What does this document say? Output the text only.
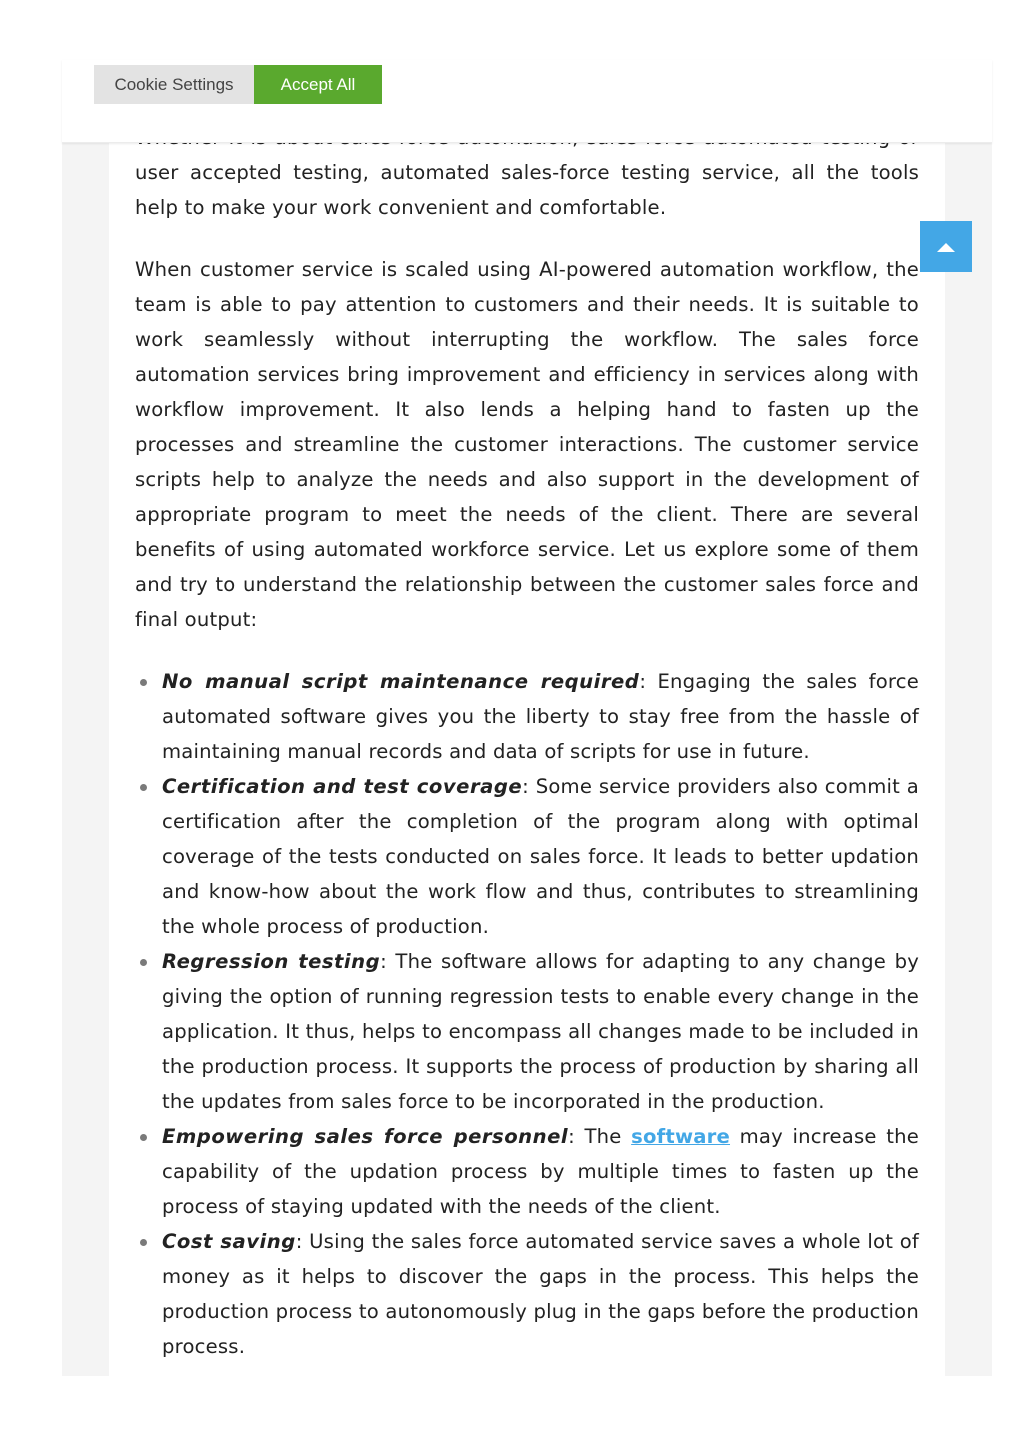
user accepted testing, automated sales-force testing service, all the tools help to make your work convenient and comfortable.

When customer service is scaled using AI-powered automation workflow, the team is able to pay attention to customers and their needs. It is suitable to work seamlessly without interrupting the workflow. The sales force automation services bring improvement and efficiency in services along with workflow improvement. It also lends a helping hand to fasten up the processes and streamline the customer interactions. The customer service scripts help to analyze the needs and also support in the development of appropriate program to meet the needs of the client. There are several benefits of using automated workforce service. Let us explore some of them and try to understand the relationship between the customer sales force and final output:

No manual script maintenance required: Engaging the sales force automated software gives you the liberty to stay free from the hassle of maintaining manual records and data of scripts for use in future.
Certification and test coverage: Some service providers also commit a certification after the completion of the program along with optimal coverage of the tests conducted on sales force. It leads to better updation and know-how about the work flow and thus, contributes to streamlining the whole process of production.
Regression testing: The software allows for adapting to any change by giving the option of running regression tests to enable every change in the application. It thus, helps to encompass all changes made to be included in the production process. It supports the process of production by sharing all the updates from sales force to be incorporated in the production.
Empowering sales force personnel: The software may increase the capability of the updation process by multiple times to fasten up the process of staying updated with the needs of the client.
Cost saving: Using the sales force automated service saves a whole lot of money as it helps to discover the gaps in the process. This helps the production process to autonomously plug in the gaps before the production process.
Cookie Settings	Accept All
